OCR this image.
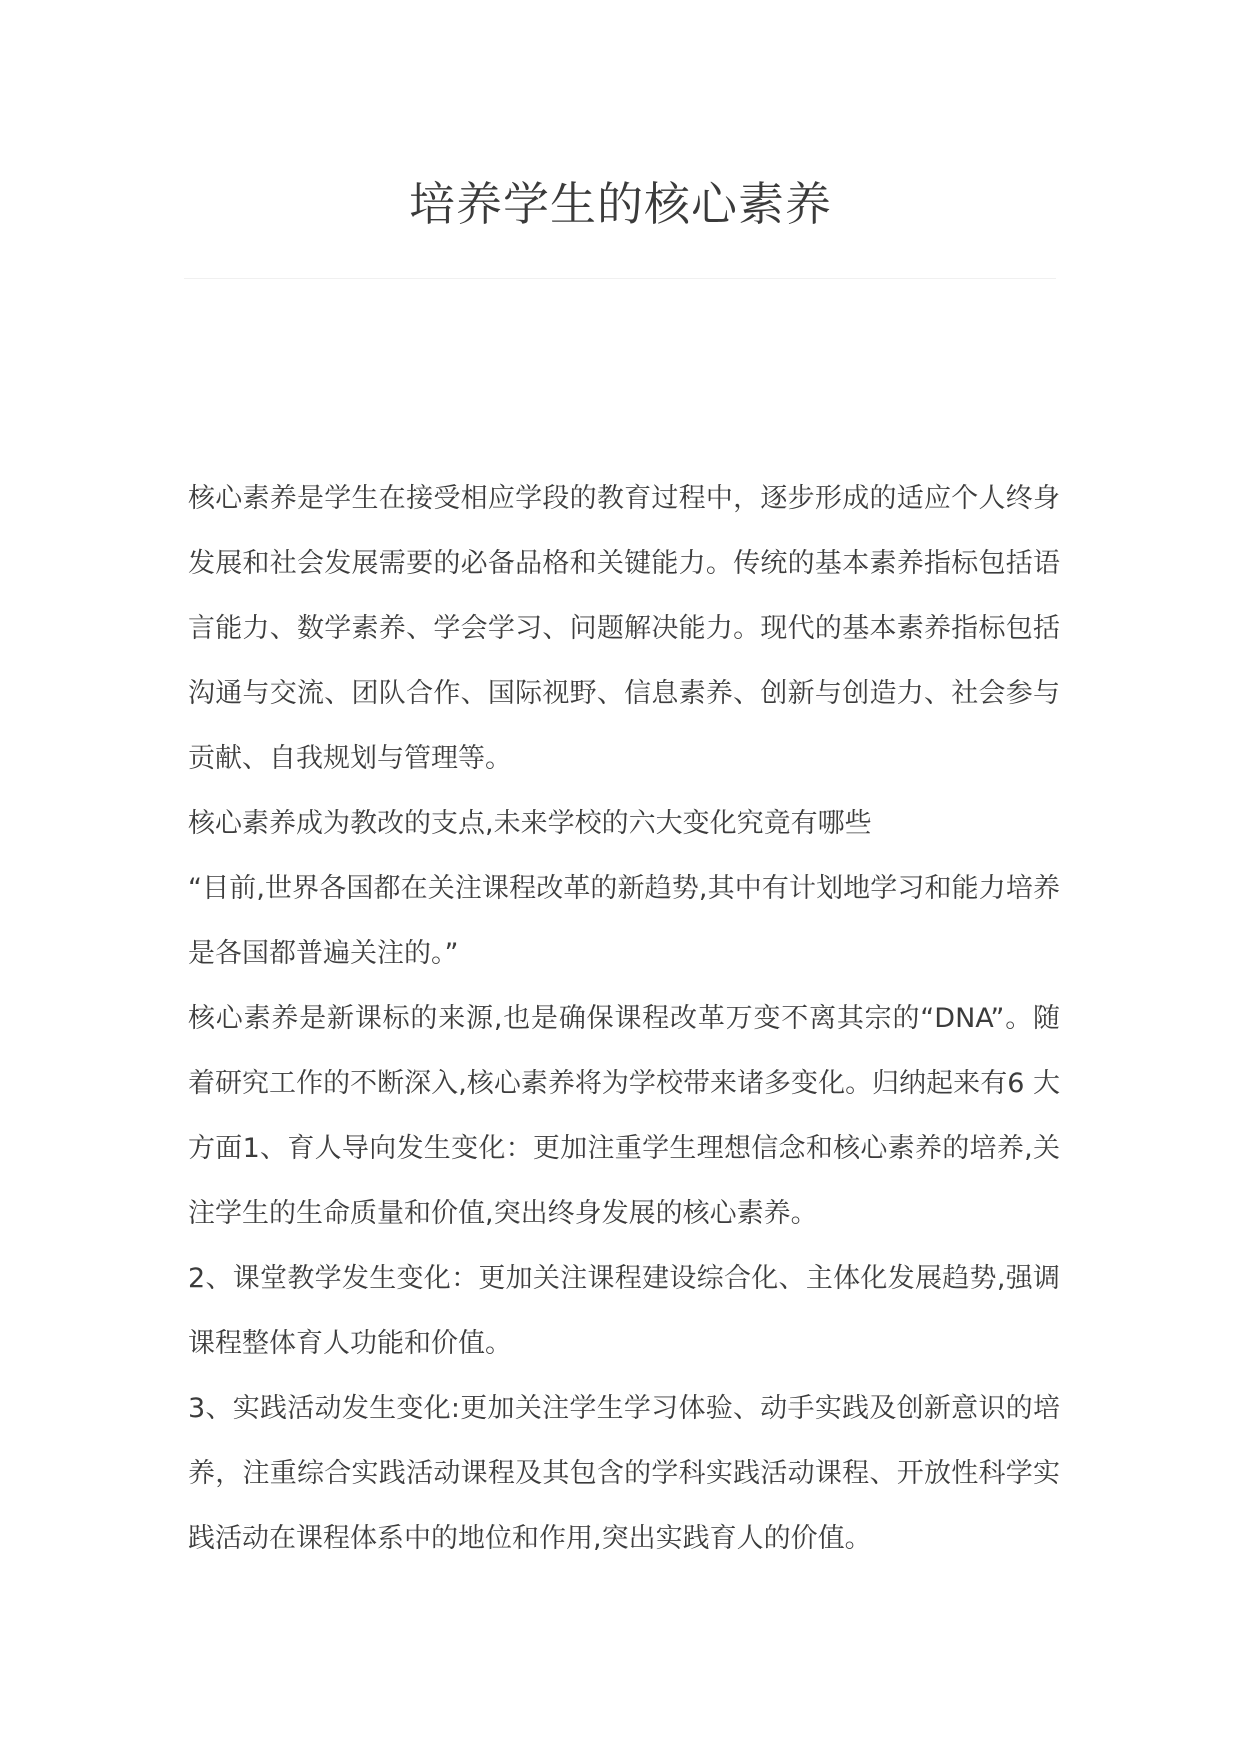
培养学生的核心素养

核心素养是学生在接受相应学段的教育过程中，逐步形成的适应个人终身发展和社会发展需要的必备品格和关键能力。‭传统的基本素养指标包括语言能力、数学素养、学会学习、问题解决能力。现代的基本素养指标包括沟通与交流、团队合作、国际视野、信息素养、创新与创造力、社会参与贡献、自我规划与管理等。

核心素养成为教改的支点,未来学校的六大变化究竟有哪些

“目前,世界各国都在关注课程改革的新趋势,其中有计划地学习和能力培养是各国都普遍关注的。”

核心素养是新课标的来源,也是确保课程改革万变不离其宗的“DNA”。随着研究工作的不断深入,核心素养将为学校带来诸多变化。归纳起来有6 大方面1‭、育人导向发生变化：更加注重学生理想信念和核心素养的培养,关注学生的生命质量和价值,突出终身发展的核心素养。

2、课堂教学发生变化：更加关注课程建设综合化、主体化发展趋势,强调课程整体育人功能和价值。

3、实践活动发生变化:更加关注学生学习体验、动手实践及创新意识的培养，注重综合实践活动课程及其包含的学科实践活动课程、开放性科学实践活动在课程体系中的地位和作用,突出实践育人的价值。
